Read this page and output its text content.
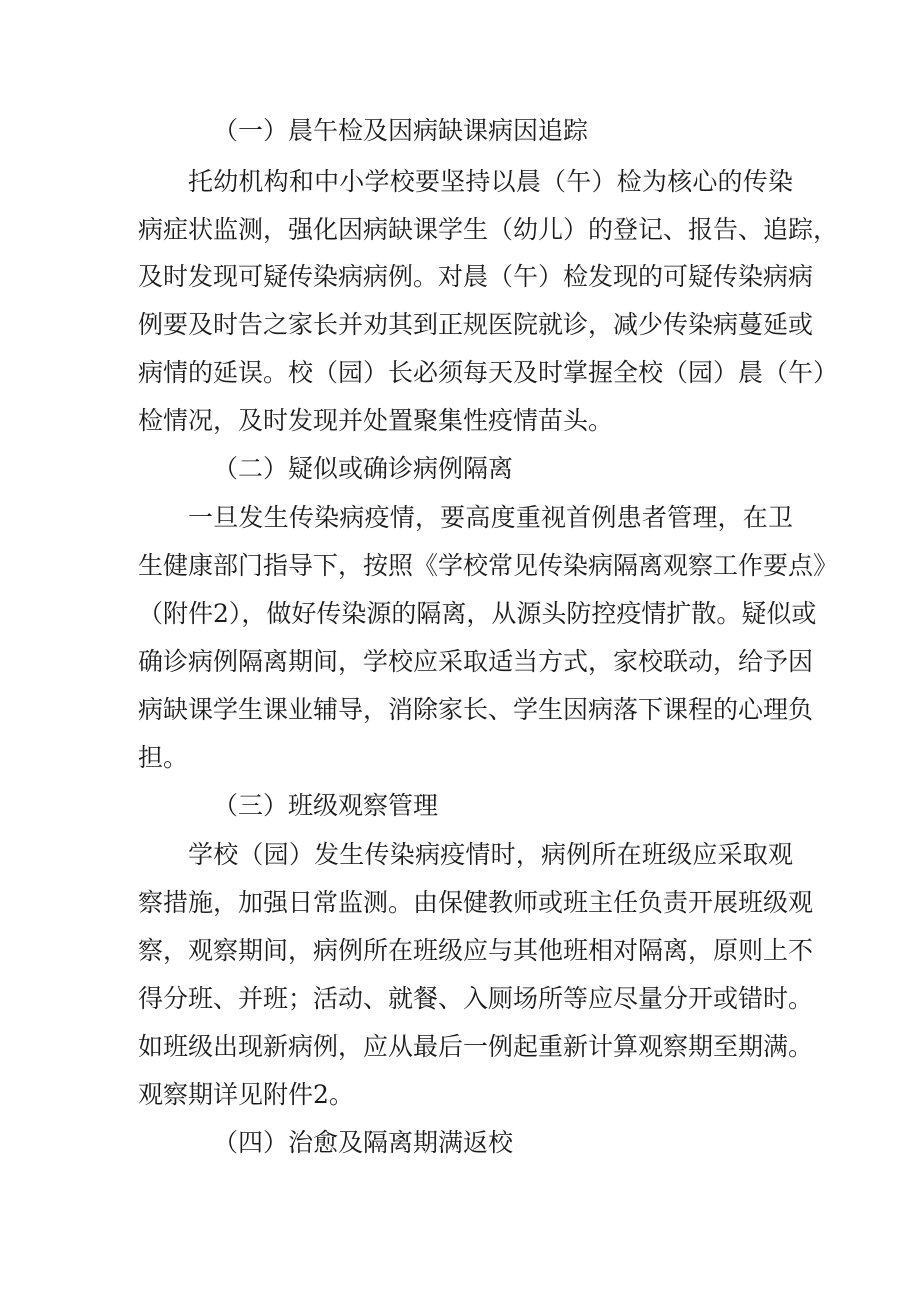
（一）晨午检及因病缺课病因追踪
托幼机构和中小学校要坚持以晨（午）检为核心的传染
病症状监测，强化因病缺课学生（幼儿）的登记、报告、追踪，
及时发现可疑传染病病例。对晨（午）检发现的可疑传染病病
例要及时告之家长并劝其到正规医院就诊，减少传染病蔓延或
病情的延误。校（园）长必须每天及时掌握全校（园）晨（午）
检情况，及时发现并处置聚集性疫情苗头。
（二）疑似或确诊病例隔离
一旦发生传染病疫情，要高度重视首例患者管理，在卫
生健康部门指导下，按照《学校常见传染病隔离观察工作要点》
（附件2），做好传染源的隔离，从源头防控疫情扩散。疑似或
确诊病例隔离期间，学校应采取适当方式，家校联动，给予因
病缺课学生课业辅导，消除家长、学生因病落下课程的心理负
担。
（三）班级观察管理
学校（园）发生传染病疫情时，病例所在班级应采取观
察措施，加强日常监测。由保健教师或班主任负责开展班级观
察，观察期间，病例所在班级应与其他班相对隔离，原则上不
得分班、并班；活动、就餐、入厕场所等应尽量分开或错时。
如班级出现新病例，应从最后一例起重新计算观察期至期满。
观察期详见附件2。
（四）治愈及隔离期满返校
